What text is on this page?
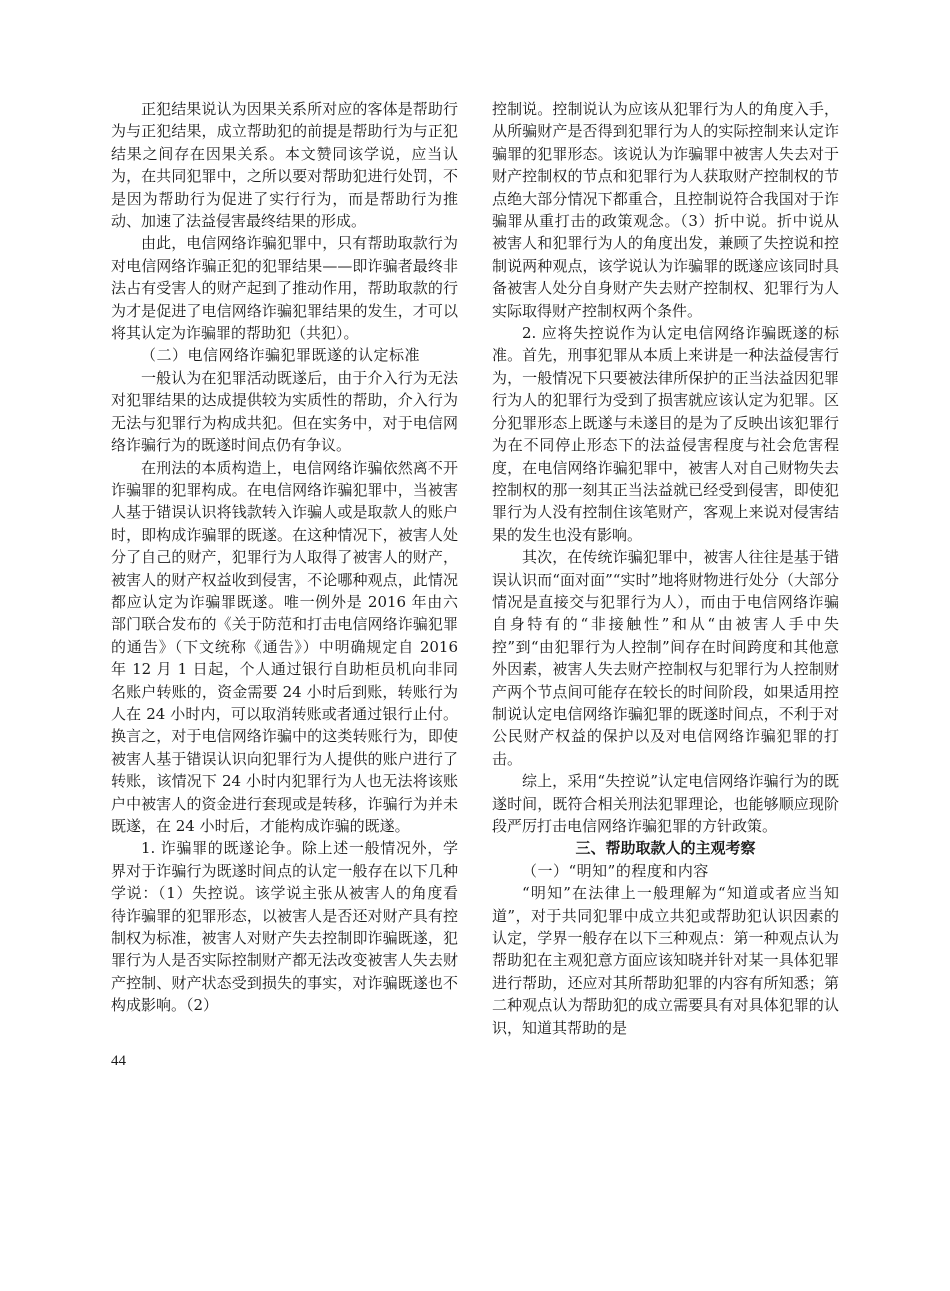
正犯结果说认为因果关系所对应的客体是帮助行为与正犯结果，成立帮助犯的前提是帮助行为与正犯结果之间存在因果关系。本文赞同该学说，应当认为，在共同犯罪中，之所以要对帮助犯进行处罚，不是因为帮助行为促进了实行行为，而是帮助行为推动、加速了法益侵害最终结果的形成。

由此，电信网络诈骗犯罪中，只有帮助取款行为对电信网络诈骗正犯的犯罪结果——即诈骗者最终非法占有受害人的财产起到了推动作用，帮助取款的行为才是促进了电信网络诈骗犯罪结果的发生，才可以将其认定为诈骗罪的帮助犯（共犯）。

（二）电信网络诈骗犯罪既遂的认定标准

一般认为在犯罪活动既遂后，由于介入行为无法对犯罪结果的达成提供较为实质性的帮助，介入行为无法与犯罪行为构成共犯。但在实务中，对于电信网络诈骗行为的既遂时间点仍有争议。

在刑法的本质构造上，电信网络诈骗依然离不开诈骗罪的犯罪构成。在电信网络诈骗犯罪中，当被害人基于错误认识将钱款转入诈骗人或是取款人的账户时，即构成诈骗罪的既遂。在这种情况下，被害人处分了自己的财产，犯罪行为人取得了被害人的财产，被害人的财产权益收到侵害，不论哪种观点，此情况都应认定为诈骗罪既遂。唯一例外是 2016 年由六部门联合发布的《关于防范和打击电信网络诈骗犯罪的通告》（下文统称《通告》）中明确规定自 2016 年 12 月 1 日起，个人通过银行自助柜员机向非同名账户转账的，资金需要 24 小时后到账，转账行为人在 24 小时内，可以取消转账或者通过银行止付。换言之，对于电信网络诈骗中的这类转账行为，即使被害人基于错误认识向犯罪行为人提供的账户进行了转账，该情况下 24 小时内犯罪行为人也无法将该账户中被害人的资金进行套现或是转移，诈骗行为并未既遂，在 24 小时后，才能构成诈骗的既遂。

1. 诈骗罪的既遂论争。除上述一般情况外，学界对于诈骗行为既遂时间点的认定一般存在以下几种学说：（1）失控说。该学说主张从被害人的角度看待诈骗罪的犯罪形态，以被害人是否还对财产具有控制权为标准，被害人对财产失去控制即诈骗既遂，犯罪行为人是否实际控制财产都无法改变被害人失去财产控制、财产状态受到损失的事实，对诈骗既遂也不构成影响。（2）

控制说。控制说认为应该从犯罪行为人的角度入手，从所骗财产是否得到犯罪行为人的实际控制来认定诈骗罪的犯罪形态。该说认为诈骗罪中被害人失去对于财产控制权的节点和犯罪行为人获取财产控制权的节点绝大部分情况下都重合，且控制说符合我国对于诈骗罪从重打击的政策观念。（3）折中说。折中说从被害人和犯罪行为人的角度出发，兼顾了失控说和控制说两种观点，该学说认为诈骗罪的既遂应该同时具备被害人处分自身财产失去财产控制权、犯罪行为人实际取得财产控制权两个条件。

2. 应将失控说作为认定电信网络诈骗既遂的标准。首先，刑事犯罪从本质上来讲是一种法益侵害行为，一般情况下只要被法律所保护的正当法益因犯罪行为人的犯罪行为受到了损害就应该认定为犯罪。区分犯罪形态上既遂与未遂目的是为了反映出该犯罪行为在不同停止形态下的法益侵害程度与社会危害程度，在电信网络诈骗犯罪中，被害人对自己财物失去控制权的那一刻其正当法益就已经受到侵害，即使犯罪行为人没有控制住该笔财产，客观上来说对侵害结果的发生也没有影响。

其次，在传统诈骗犯罪中，被害人往往是基于错误认识而“面对面”“实时”地将财物进行处分（大部分情况是直接交与犯罪行为人），而由于电信网络诈骗自身特有的“非接触性”和从“由被害人手中失控”到“由犯罪行为人控制”间存在时间跨度和其他意外因素，被害人失去财产控制权与犯罪行为人控制财产两个节点间可能存在较长的时间阶段，如果适用控制说认定电信网络诈骗犯罪的既遂时间点，不利于对公民财产权益的保护以及对电信网络诈骗犯罪的打击。

综上，采用“失控说”认定电信网络诈骗行为的既遂时间，既符合相关刑法犯罪理论，也能够顺应现阶段严厉打击电信网络诈骗犯罪的方针政策。

三、帮助取款人的主观考察

（一）“明知”的程度和内容

“明知”在法律上一般理解为“知道或者应当知道”，对于共同犯罪中成立共犯或帮助犯认识因素的认定，学界一般存在以下三种观点：第一种观点认为帮助犯在主观犯意方面应该知晓并针对某一具体犯罪进行帮助，还应对其所帮助犯罪的内容有所知悉；第二种观点认为帮助犯的成立需要具有对具体犯罪的认识，知道其帮助的是

44
